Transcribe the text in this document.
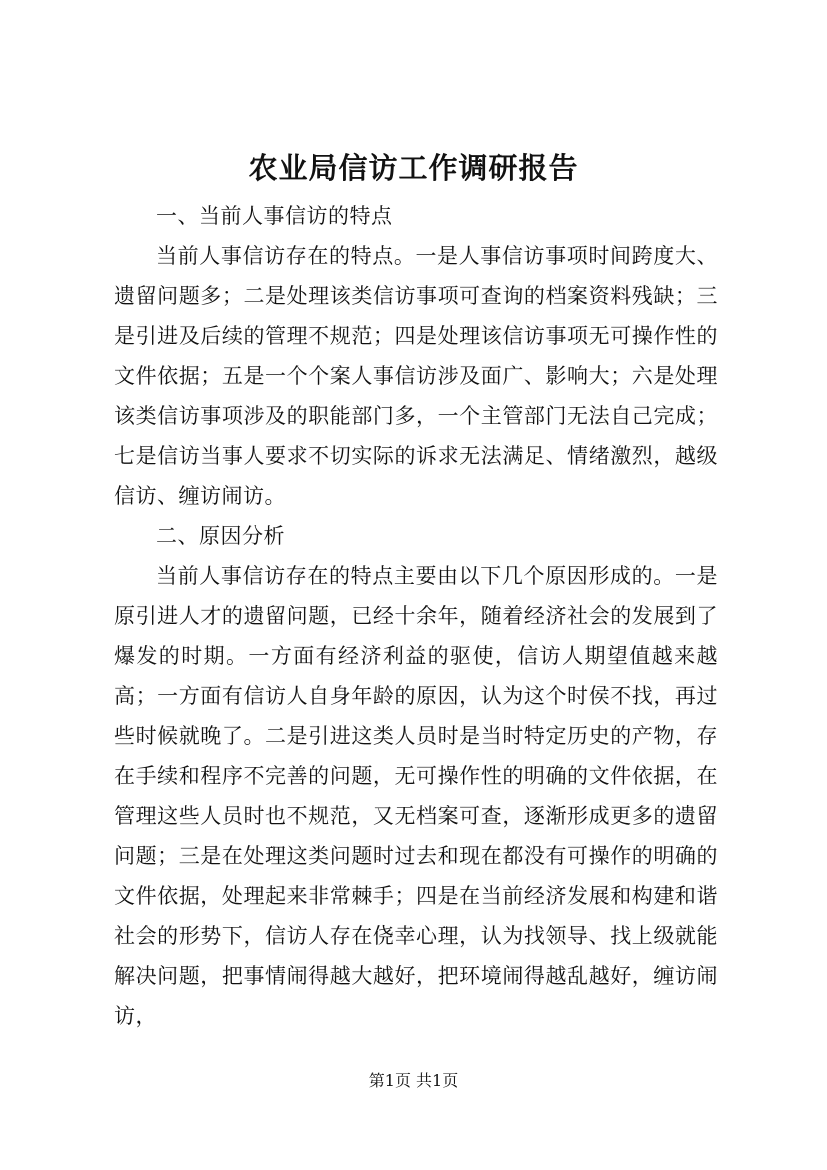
农业局信访工作调研报告

一、当前人事信访的特点

当前人事信访存在的特点。一是人事信访事项时间跨度大、遗留问题多；二是处理该类信访事项可查询的档案资料残缺；三是引进及后续的管理不规范；四是处理该信访事项无可操作性的文件依据；五是一个个案人事信访涉及面广、影响大；六是处理该类信访事项涉及的职能部门多，一个主管部门无法自己完成；七是信访当事人要求不切实际的诉求无法满足、情绪激烈，越级信访、缠访闹访。

二、原因分析

当前人事信访存在的特点主要由以下几个原因形成的。一是原引进人才的遗留问题，已经十余年，随着经济社会的发展到了爆发的时期。一方面有经济利益的驱使，信访人期望值越来越高；一方面有信访人自身年龄的原因，认为这个时侯不找，再过些时候就晚了。二是引进这类人员时是当时特定历史的产物，存在手续和程序不完善的问题，无可操作性的明确的文件依据，在管理这些人员时也不规范，又无档案可查，逐渐形成更多的遗留问题；三是在处理这类问题时过去和现在都没有可操作的明确的文件依据，处理起来非常棘手；四是在当前经济发展和构建和谐社会的形势下，信访人存在侥幸心理，认为找领导、找上级就能解决问题，把事情闹得越大越好，把环境闹得越乱越好，缠访闹访，

第1页 共1页
